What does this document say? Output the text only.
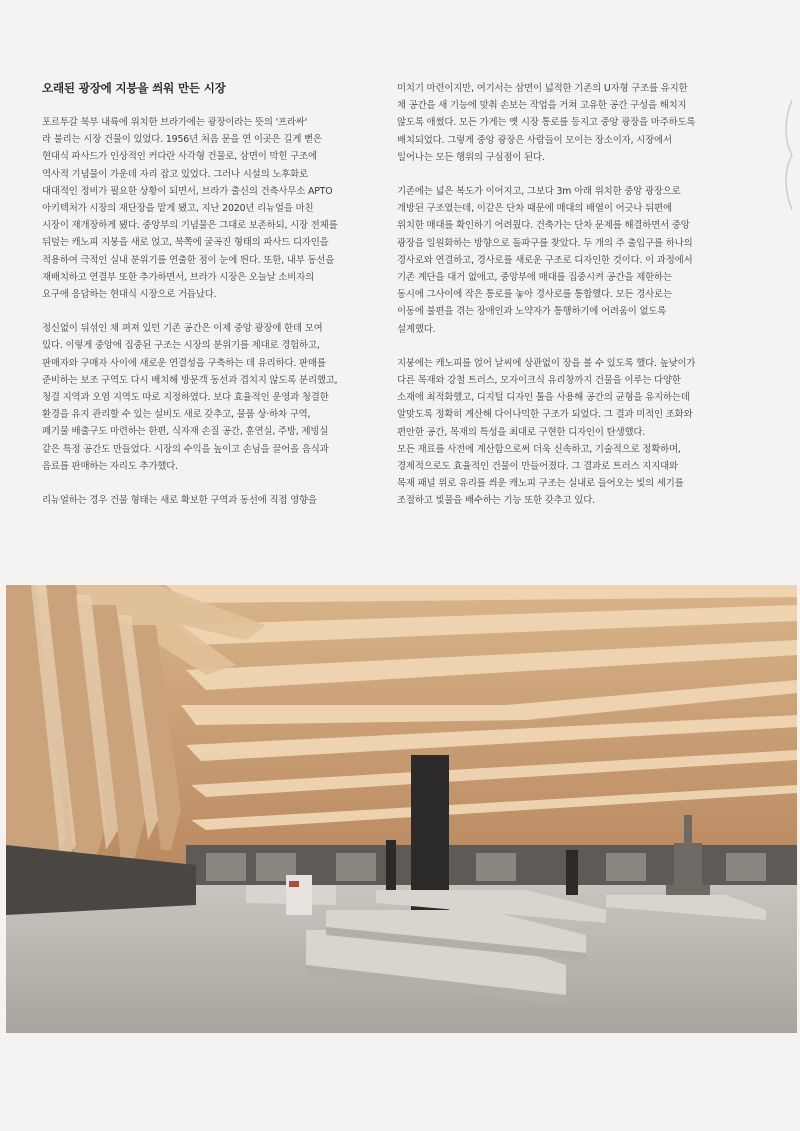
오래된 광장에 지붕을 씌워 만든 시장
포르투갈 북부 내륙에 위치한 브라가에는 광장이라는 뜻의 '프라싸'
라 불리는 시장 건물이 있었다. 1956년 처음 문을 연 이곳은 길게 뻗은
현대식 파사드가 인상적인 커다란 사각형 건물로, 삼면이 막힌 구조에
역사적 기념물이 가운데 자리 잡고 있었다. 그러나 시설의 노후화로
대대적인 정비가 필요한 상황이 되면서, 브라가 출신의 건축사무소 APTO
아키텍처가 시장의 재단장을 맡게 됐고, 지난 2020년 리뉴얼을 마친
시장이 재개장하게 됐다. 중앙부의 기념물은 그대로 보존하되, 시장 전체를
뒤덮는 캐노피 지붕을 새로 얹고, 북쪽에 굴곡진 형태의 파사드 디자인을
적용하여 극적인 실내 분위기를 연출한 점이 눈에 띈다. 또한, 내부 동선을
재배치하고 연결부 또한 추가하면서, 브라가 시장은 오늘날 소비자의
요구에 응답하는 현대식 시장으로 거듭났다.
정신없이 뒤섞인 채 펴져 있던 기존 공간은 이제 중앙 광장에 한데 모여
있다. 이렇게 중앙에 집중된 구조는 시장의 분위기를 제대로 경험하고,
판매자와 구매자 사이에 새로운 연결성을 구축하는 데 유리하다. 판매를
준비하는 보조 구역도 다시 배치해 방문객 동선과 겹치지 않도록 분리했고,
청결 지역과 오염 지역도 따로 지정하였다. 보다 효율적인 운영과 청결한
환경을 유지 관리할 수 있는 설비도 새로 갖추고, 물품 상·하차 구역,
폐기물 배출구도 마련하는 한편, 식자재 손질 공간, 훈연실, 주방, 제빙실
같은 특정 공간도 만들었다. 시장의 수익을 높이고 손님을 끌어올 음식과
음료를 판매하는 자리도 추가했다.
리뉴얼하는 경우 건물 형태는 새로 확보한 구역과 동선에 직접 영향을
미치기 마련이지만, 여기서는 삼면이 넓적한 기존의 U자형 구조를 유지한
채 공간을 새 기능에 맞춰 손보는 작업을 거쳐 고유한 공간 구성을 해치지
않도록 애썼다. 모든 가게는 옛 시장 통로를 등지고 중앙 광장을 마주하도록
배치되었다. 그렇게 중앙 광장은 사람들이 모이는 장소이자, 시장에서
일어나는 모든 행위의 구심점이 된다.
기존에는 넓은 복도가 이어지고, 그보다 3m 아래 위치한 중앙 광장으로
개방된 구조였는데, 이같은 단차 때문에 매대의 배열이 어긋나 뒤편에
위치한 매대를 확인하기 어려웠다. 건축가는 단차 문제를 해결하면서 중앙
광장을 일원화하는 방향으로 돌파구를 찾았다. 두 개의 주 출입구를 하나의
경사로와 연결하고, 경사로를 새로운 구조로 디자인한 것이다. 이 과정에서
기존 계단을 대거 없애고, 중앙부에 매대를 집중시켜 공간을 제한하는
동시에 그사이에 작은 통로를 놓아 경사로를 통합했다. 모든 경사로는
이동에 불편을 겪는 장애인과 노약자가 통행하기에 어려움이 없도록
설계했다.
지붕에는 캐노피를 얹어 날씨에 상관없이 장을 볼 수 있도록 했다. 높낮이가
다른 목재와 강철 트러스, 모자이크식 유리창까지 건물을 이루는 다양한
소재에 최적화했고, 디지털 디자인 툴을 사용해 공간의 균형을 유지하는데
알맞도록 정확히 계산해 다이나믹한 구조가 되었다. 그 결과 미적인 조화와
편안한 공간, 목재의 특성을 최대로 구현한 디자인이 탄생했다.
모든 재료를 사전에 계산함으로써 더욱 신속하고, 기술적으로 정확하며,
경제적으로도 효율적인 건물이 만들어졌다. 그 결과로 트러스 지지대와
목재 패널 위로 유리를 씌운 캐노피 구조는 실내로 들어오는 빛의 세기를
조절하고 빛물을 배수하는 기능 또한 갖추고 있다.
